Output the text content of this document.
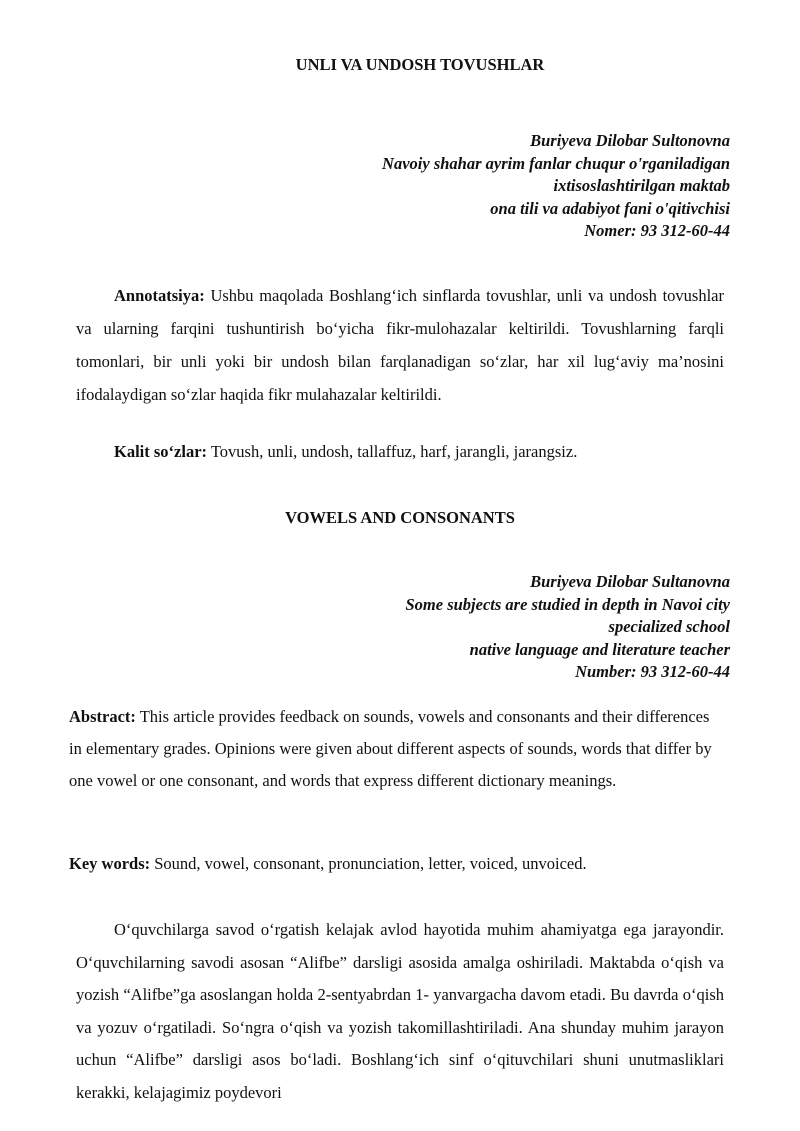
UNLI VA UNDOSH TOVUSHLAR
Buriyeva Dilobar Sultonovna
Navoiy shahar ayrim fanlar chuqur o'rganiladigan
ixtisoslashtirilgan maktab
ona tili va adabiyot fani o'qitivchisi
Nomer: 93 312-60-44
Annotatsiya: Ushbu maqolada Boshlang‘ich sinflarda tovushlar, unli va undosh tovushlar va ularning farqini tushuntirish bo‘yicha fikr-mulohazalar keltirildi. Tovushlarning farqli tomonlari, bir unli yoki bir undosh bilan farqlanadigan so‘zlar, har xil lug‘aviy ma’nosini ifodalaydigan so‘zlar haqida fikr mulahazalar keltirildi.
Kalit so‘zlar: Tovush, unli, undosh, tallaffuz, harf, jarangli, jarangsiz.
VOWELS AND CONSONANTS
Buriyeva Dilobar Sultanovna
Some subjects are studied in depth in Navoi city
specialized school
native language and literature teacher
Number: 93 312-60-44
Abstract: This article provides feedback on sounds, vowels and consonants and their differences in elementary grades. Opinions were given about different aspects of sounds, words that differ by one vowel or one consonant, and words that express different dictionary meanings.
Key words: Sound, vowel, consonant, pronunciation, letter, voiced, unvoiced.
O‘quvchilarga savod o‘rgatish kelajak avlod hayotida muhim ahamiyatga ega jarayondir. O‘quvchilarning savodi asosan “Alifbe” darsligi asosida amalga oshiriladi. Maktabda o‘qish va yozish “Alifbe”ga asoslangan holda 2-sentyabrdan 1- yanvargacha davom etadi. Bu davrda o‘qish va yozuv o‘rgatiladi. So‘ngra o‘qish va yozish takomillashtiriladi. Ana shunday muhim jarayon uchun “Alifbe” darsligi asos bo‘ladi. Boshlang‘ich sinf o‘qituvchilari shuni unutmasliklari kerakki, kelajagimiz poydevori
